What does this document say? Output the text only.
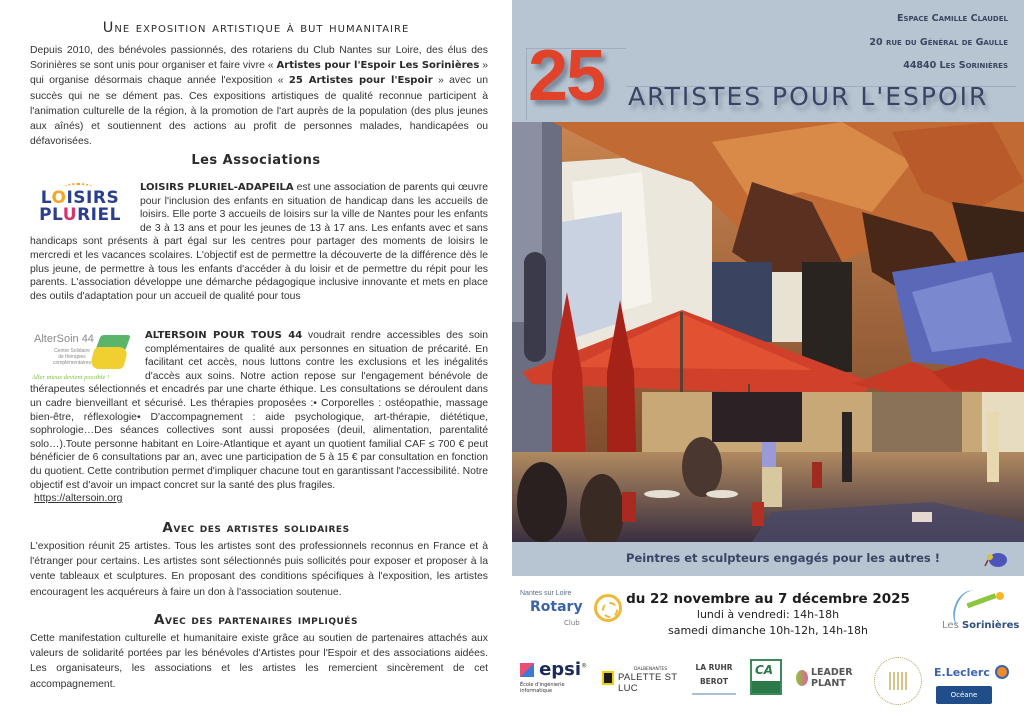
Une exposition artistique à but humanitaire

Depuis 2010, des bénévoles passionnés, des rotariens du Club Nantes sur Loire, des élus des Sorinières se sont unis pour organiser et faire vivre « Artistes pour l'Espoir Les Sorinières » qui organise désormais chaque année l'exposition « 25 Artistes pour l'Espoir » avec un succès qui ne se dément pas. Ces expositions artistiques de qualité reconnue participent à l'animation culturelle de la région, à la promotion de l'art auprès de la population (des plus jeunes aux aînés) et soutiennent des actions au profit de personnes malades, handicapées ou défavorisées.

Les Associations
LOISIRS
PLURIEL
LOISIRS PLURIEL-ADAPEILA est une association de parents qui œuvre pour l'inclusion des enfants en situation de handicap dans les accueils de loisirs. Elle porte 3 accueils de loisirs sur la ville de Nantes pour les enfants de 3 à 13 ans et pour les jeunes de 13 à 17 ans. Les enfants avec et sans handicaps sont présents à part égal sur les centres pour partager des moments de loisirs le mercredi et les vacances scolaires. L'objectif est de permettre la découverte de la différence dès le plus jeune, de permettre à tous les enfants d'accéder à du loisir et de permettre du répit pour les parents. L'association développe une démarche pédagogique inclusive innovante et mets en place des outils d'adaptation pour un accueil de qualité pour tous
AlterSoin 44
Centre Solidaire de thérapies complémentaires
Aller mieux devient possible !
ALTERSOIN POUR TOUS 44 voudrait rendre accessibles des soin complémentaires de qualité aux personnes en situation de précarité. En facilitant cet accès, nous luttons contre les exclusions et les inégalités d'accès aux soins. Notre action repose sur l'engagement bénévole de thérapeutes sélectionnés et encadrés par une charte éthique. Les consultations se déroulent dans un cadre bienveillant et sécurisé. Les thérapies proposées :• Corporelles : ostéopathie, massage bien-être, réflexologie• D'accompagnement : aide psychologique, art-thérapie, diététique, sophrologie…Des séances collectives sont aussi proposées (deuil, alimentation, parentalité solo…).Toute personne habitant en Loire-Atlantique et ayant un quotient familial CAF ≤ 700 € peut bénéficier de 6 consultations par an, avec une participation de 5 à 15 € par consultation en fonction du quotient. Cette contribution permet d'impliquer chacune tout en garantissant l'accessibilité. Notre objectif est d'avoir un impact concret sur la santé des plus fragiles.
https://altersoin.org
Avec des artistes solidaires

L'exposition réunit 25 artistes. Tous les artistes sont des professionnels reconnus en France et à l'étranger pour certains. Les artistes sont sélectionnés puis sollicités pour exposer et proposer à la vente tableaux et sculptures. En proposant des conditions spécifiques à l'exposition, les artistes encouragent les acquéreurs à faire un don à l'association soutenue.

Avec des partenaires impliqués

Cette manifestation culturelle et humanitaire existe grâce au soutien de partenaires attachés aux valeurs de solidarité portées par les bénévoles d'Artistes pour l'Espoir et des associations aidées. Les organisateurs, les associations et les artistes les remercient sincèrement de cet accompagnement.

Espace Camille Claudel
20 rue du Général de Gaulle
44840 Les Sorinières
25 ARTISTES POUR L'ESPOIR
Peintres et sculpteurs engagés pour les autres !
Nantes sur Loire
Rotary
Club
du 22 novembre au 7 décembre 2025
lundi à vendredi: 14h-18h
samedi dimanche 10h-12h, 14h-18h	Les Sorinières
epsi®
École d'ingénierie informatique
DALBENANTES
PALETTE ST LUC
LA RUHR
BEROT
CA	LEADER
PLANT
E.Leclerc
Océane
